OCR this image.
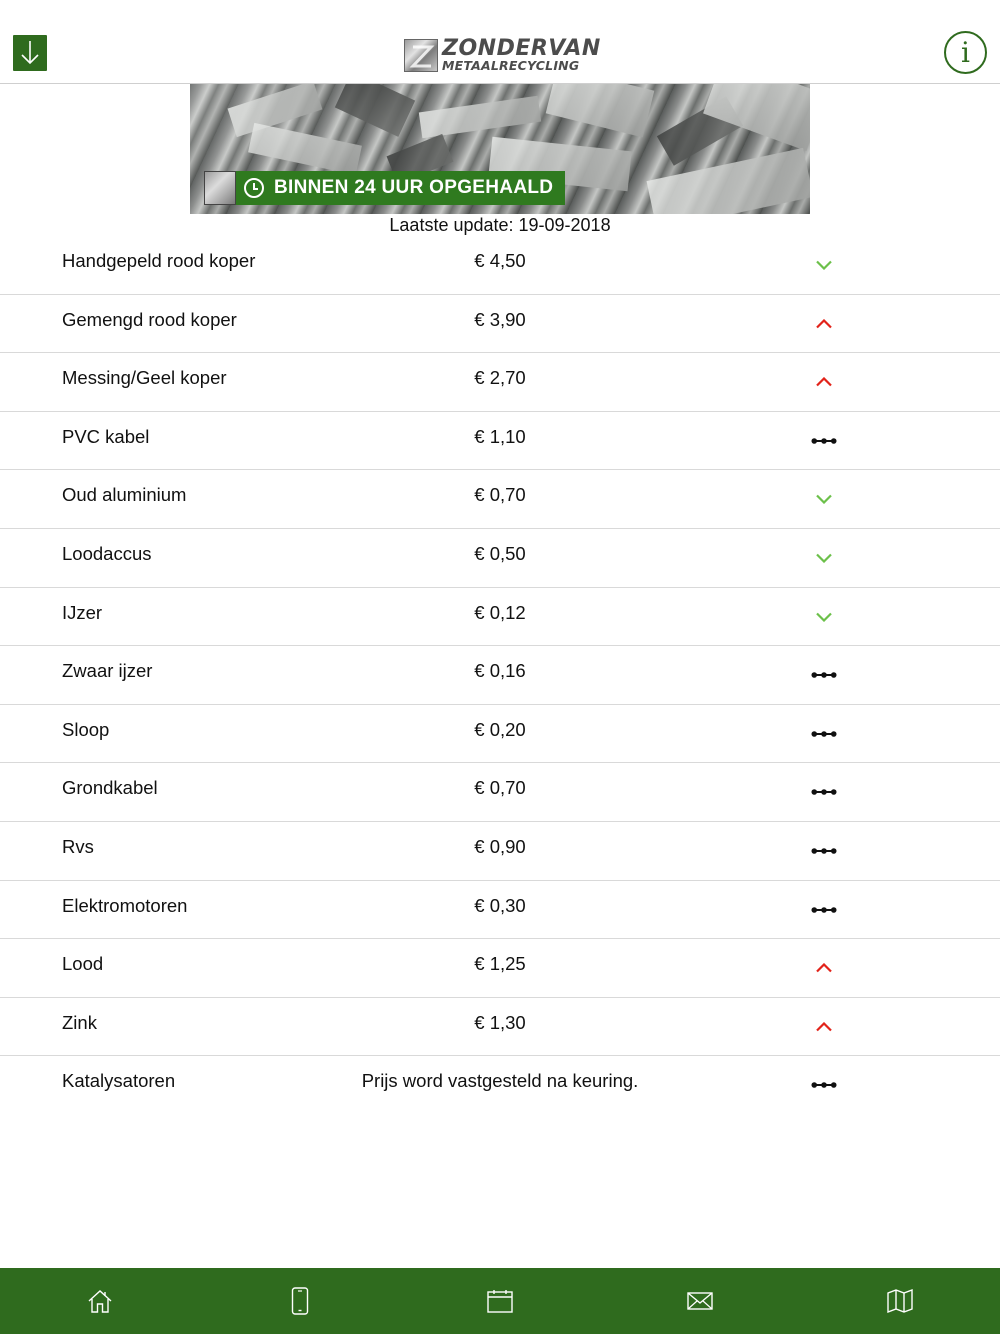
ZONDERVAN
METAALRECYCLING	i
BINNEN 24 UUR OPGEHAALD
Laatste update: 19-09-2018
Handgepeld rood koper	€ 4,50
Gemengd rood koper	€ 3,90
Messing/Geel koper	€ 2,70
PVC kabel	€ 1,10
Oud aluminium	€ 0,70
Loodaccus	€ 0,50
IJzer	€ 0,12
Zwaar ijzer	€ 0,16
Sloop	€ 0,20
Grondkabel	€ 0,70
Rvs	€ 0,90
Elektromotoren	€ 0,30
Lood	€ 1,25
Zink	€ 1,30
Katalysatoren	Prijs word vastgesteld na keuring.
